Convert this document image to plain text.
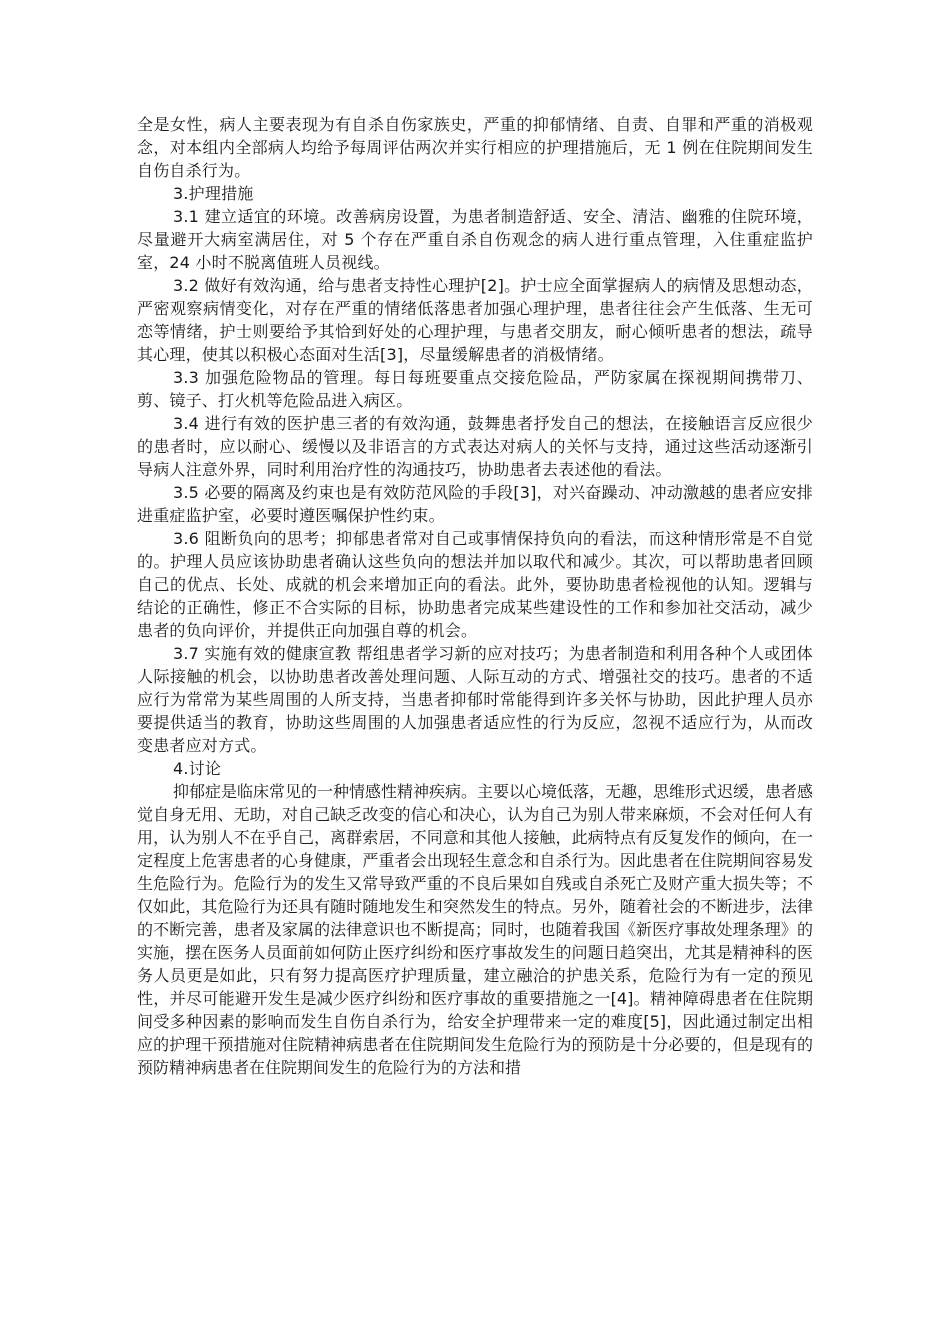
全是女性，病人主要表现为有自杀自伤家族史，严重的抑郁情绪、自责、自罪和严重的消极观念，对本组内全部病人均给予每周评估两次并实行相应的护理措施后，无 1 例在住院期间发生自伤自杀行为。

3.护理措施

3.1 建立适宜的环境。改善病房设置，为患者制造舒适、安全、清洁、幽雅的住院环境，尽量避开大病室满居住，对 5 个存在严重自杀自伤观念的病人进行重点管理，入住重症监护室，24 小时不脱离值班人员视线。

3.2 做好有效沟通，给与患者支持性心理护[2]。护士应全面掌握病人的病情及思想动态，严密观察病情变化，对存在严重的情绪低落患者加强心理护理，患者往往会产生低落、生无可恋等情绪，护士则要给予其恰到好处的心理护理，与患者交朋友，耐心倾听患者的想法，疏导其心理，使其以积极心态面对生活[3]，尽量缓解患者的消极情绪。

3.3 加强危险物品的管理。每日每班要重点交接危险品，严防家属在探视期间携带刀、剪、镜子、打火机等危险品进入病区。

3.4 进行有效的医护患三者的有效沟通，鼓舞患者抒发自己的想法，在接触语言反应很少的患者时，应以耐心、缓慢以及非语言的方式表达对病人的关怀与支持，通过这些活动逐渐引导病人注意外界，同时利用治疗性的沟通技巧，协助患者去表述他的看法。

3.5 必要的隔离及约束也是有效防范风险的手段[3]，对兴奋躁动、冲动激越的患者应安排进重症监护室，必要时遵医嘱保护性约束。

3.6 阻断负向的思考；抑郁患者常对自己或事情保持负向的看法，而这种情形常是不自觉的。护理人员应该协助患者确认这些负向的想法并加以取代和减少。其次，可以帮助患者回顾自己的优点、长处、成就的机会来增加正向的看法。此外，要协助患者检视他的认知。逻辑与结论的正确性，修正不合实际的目标，协助患者完成某些建设性的工作和参加社交活动，减少患者的负向评价，并提供正向加强自尊的机会。

3.7 实施有效的健康宣教 帮组患者学习新的应对技巧；为患者制造和利用各种个人或团体人际接触的机会，以协助患者改善处理问题、人际互动的方式、增强社交的技巧。患者的不适应行为常常为某些周围的人所支持，当患者抑郁时常能得到许多关怀与协助，因此护理人员亦要提供适当的教育，协助这些周围的人加强患者适应性的行为反应，忽视不适应行为，从而改变患者应对方式。

4.讨论

抑郁症是临床常见的一种情感性精神疾病。主要以心境低落，无趣，思维形式迟缓，患者感觉自身无用、无助，对自己缺乏改变的信心和决心，认为自己为别人带来麻烦，不会对任何人有用，认为别人不在乎自己，离群索居，不同意和其他人接触，此病特点有反复发作的倾向，在一定程度上危害患者的心身健康，严重者会出现轻生意念和自杀行为。因此患者在住院期间容易发生危险行为。危险行为的发生又常导致严重的不良后果如自残或自杀死亡及财产重大损失等；不仅如此，其危险行为还具有随时随地发生和突然发生的特点。另外，随着社会的不断进步，法律的不断完善，患者及家属的法律意识也不断提高；同时，也随着我国《新医疗事故处理条理》的实施，摆在医务人员面前如何防止医疗纠纷和医疗事故发生的问题日趋突出，尤其是精神科的医务人员更是如此，只有努力提高医疗护理质量，建立融洽的护患关系，危险行为有一定的预见性，并尽可能避开发生是减少医疗纠纷和医疗事故的重要措施之一[4]。精神障碍患者在住院期间受多种因素的影响而发生自伤自杀行为，给安全护理带来一定的难度[5]，因此通过制定出相应的护理干预措施对住院精神病患者在住院期间发生危险行为的预防是十分必要的，但是现有的预防精神病患者在住院期间发生的危险行为的方法和措
